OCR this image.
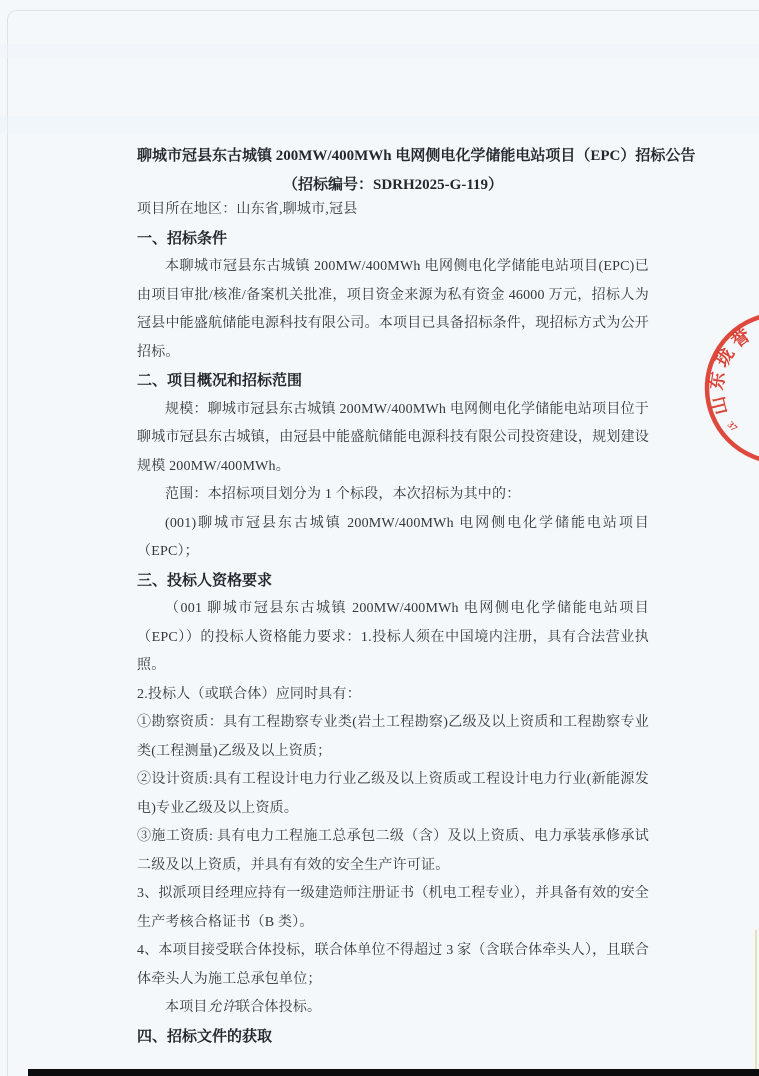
聊城市冠县东古城镇 200MW/400MWh 电网侧电化学储能电站项目（EPC）招标公告
（招标编号：SDRH2025-G-119）

项目所在地区：山东省,聊城市,冠县

一、招标条件

本聊城市冠县东古城镇 200MW/400MWh 电网侧电化学储能电站项目(EPC)已由项目审批/核准/备案机关批准，项目资金来源为私有资金 46000 万元，招标人为冠县中能盛航储能电源科技有限公司。本项目已具备招标条件，现招标方式为公开招标。

二、项目概况和招标范围

规模：聊城市冠县东古城镇 200MW/400MWh 电网侧电化学储能电站项目位于聊城市冠县东古城镇，由冠县中能盛航储能电源科技有限公司投资建设，规划建设规模 200MW/400MWh。

范围：本招标项目划分为 1 个标段，本次招标为其中的：

(001)聊城市冠县东古城镇 200MW/400MWh 电网侧电化学储能电站项目（EPC）；

三、投标人资格要求

（001 聊城市冠县东古城镇 200MW/400MWh 电网侧电化学储能电站项目（EPC））的投标人资格能力要求：1.投标人须在中国境内注册，具有合法营业执照。

2.投标人（或联合体）应同时具有：

①勘察资质：具有工程勘察专业类(岩土工程勘察)乙级及以上资质和工程勘察专业类(工程测量)乙级及以上资质；

②设计资质:具有工程设计电力行业乙级及以上资质或工程设计电力行业(新能源发电)专业乙级及以上资质。

③施工资质: 具有电力工程施工总承包二级（含）及以上资质、电力承装承修承试二级及以上资质，并具有有效的安全生产许可证。

3、拟派项目经理应持有一级建造师注册证书（机电工程专业），并具备有效的安全生产考核合格证书（B 类）。

4、本项目接受联合体投标，联合体单位不得超过 3 家（含联合体牵头人），且联合体牵头人为施工总承包单位；

本项目允许联合体投标。

四、招标文件的获取
山东珑誉
37
